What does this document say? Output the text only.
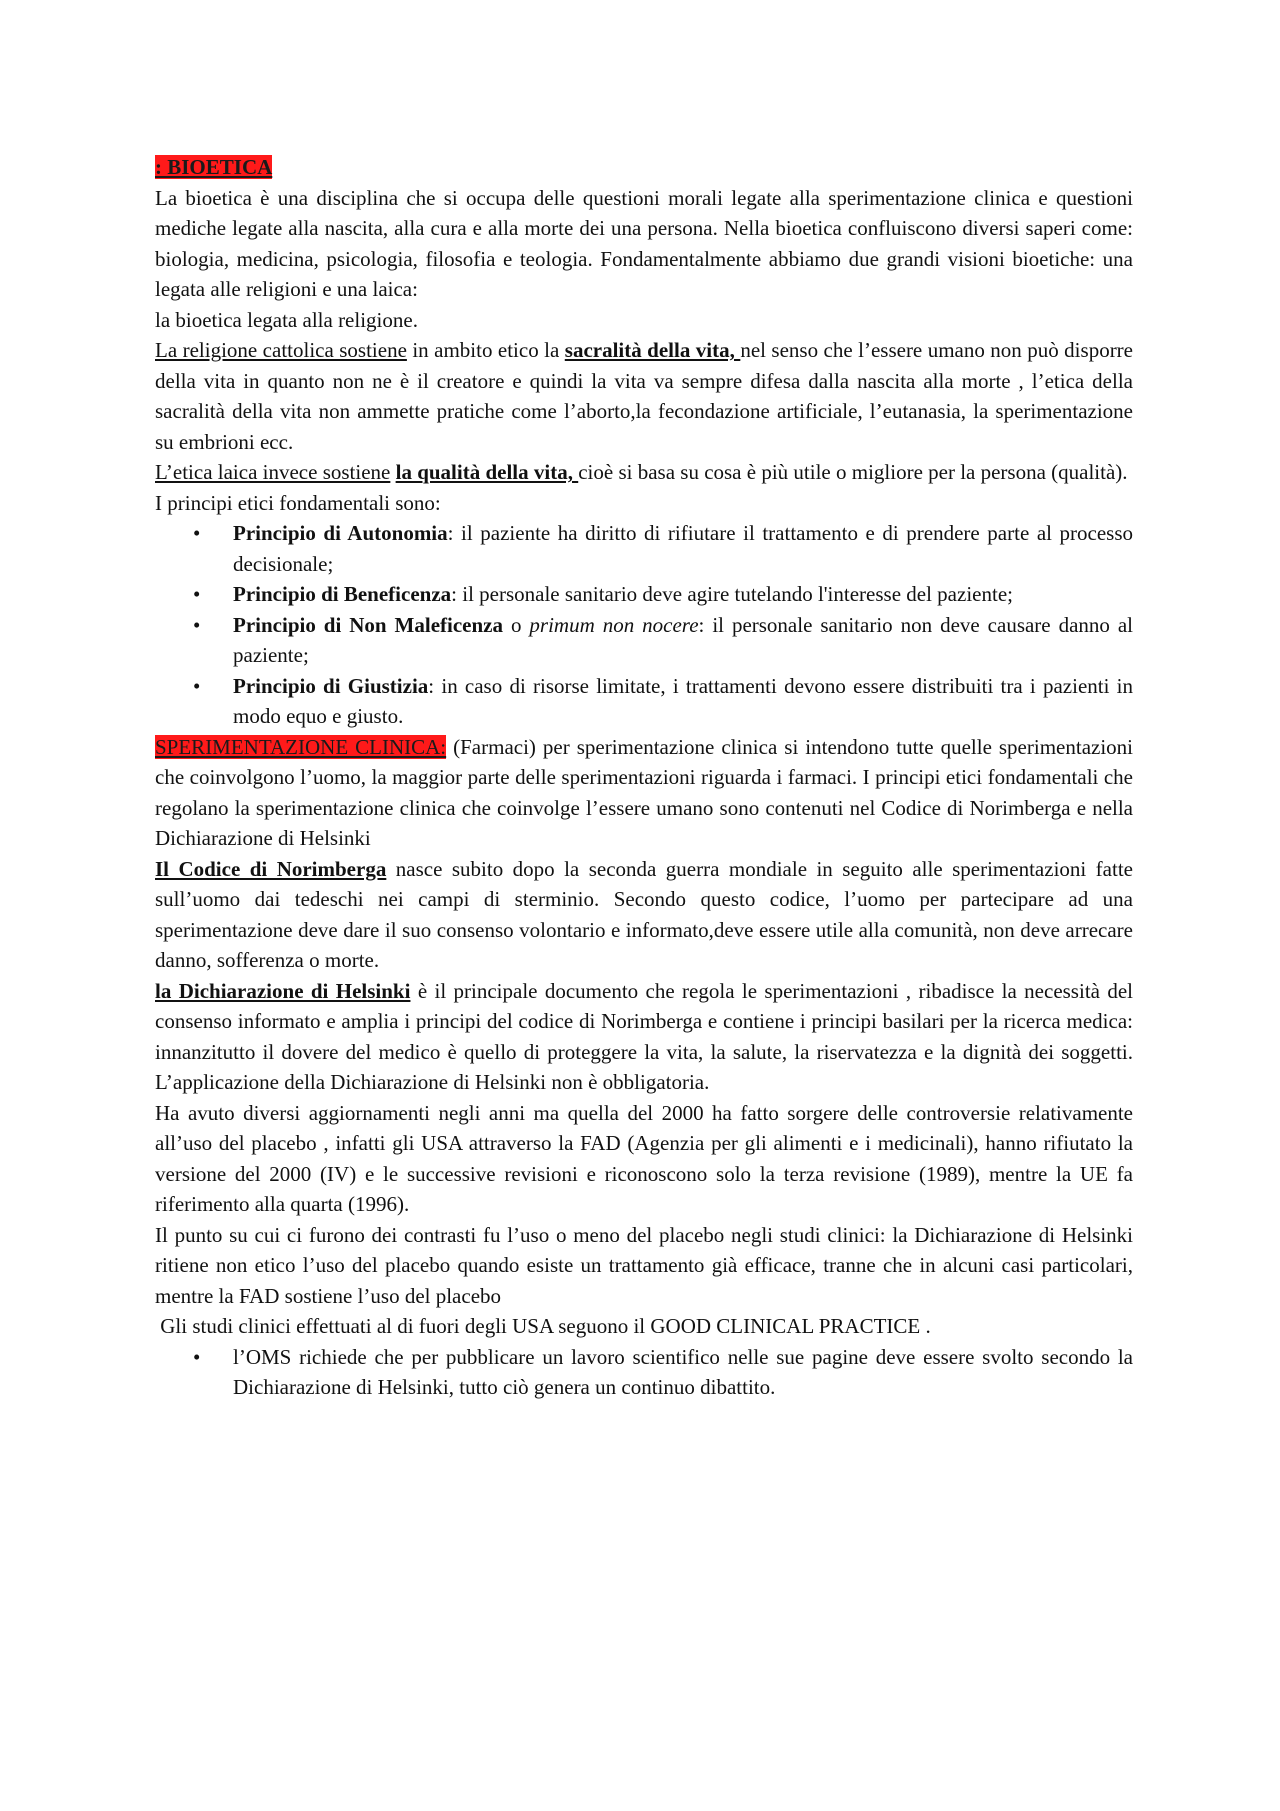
: BIOETICA

La bioetica è una disciplina che si occupa delle questioni morali legate alla sperimentazione clinica e questioni mediche legate alla nascita, alla cura e alla morte dei una persona. Nella bioetica confluiscono diversi saperi come: biologia, medicina, psicologia, filosofia e teologia. Fondamentalmente abbiamo due grandi visioni bioetiche: una legata alle religioni e una laica:

la bioetica legata alla religione.

La religione cattolica sostiene in ambito etico la sacralità della vita, nel senso che l’essere umano non può disporre della vita in quanto non ne è il creatore e quindi la vita va sempre difesa dalla nascita alla morte , l’etica della sacralità della vita non ammette pratiche come l’aborto,la fecondazione artificiale, l’eutanasia, la sperimentazione su embrioni ecc.

L’etica laica invece sostiene la qualità della vita, cioè si basa su cosa è più utile o migliore per la persona (qualità).

I principi etici fondamentali sono:

• Principio di Autonomia: il paziente ha diritto di rifiutare il trattamento e di prendere parte al processo decisionale;
• Principio di Beneficenza: il personale sanitario deve agire tutelando l'interesse del paziente;
• Principio di Non Maleficenza o primum non nocere: il personale sanitario non deve causare danno al paziente;
• Principio di Giustizia: in caso di risorse limitate, i trattamenti devono essere distribuiti tra i pazienti in modo equo e giusto.

SPERIMENTAZIONE CLINICA: (Farmaci) per sperimentazione clinica si intendono tutte quelle sperimentazioni che coinvolgono l’uomo, la maggior parte delle sperimentazioni riguarda i farmaci. I principi etici fondamentali che regolano la sperimentazione clinica che coinvolge l’essere umano sono contenuti nel Codice di Norimberga e nella Dichiarazione di Helsinki

Il Codice di Norimberga nasce subito dopo la seconda guerra mondiale in seguito alle sperimentazioni fatte sull’uomo dai tedeschi nei campi di sterminio. Secondo questo codice, l’uomo per partecipare ad una sperimentazione deve dare il suo consenso volontario e informato,deve essere utile alla comunità, non deve arrecare danno, sofferenza o morte.

la Dichiarazione di Helsinki è il principale documento che regola le sperimentazioni , ribadisce la necessità del consenso informato e amplia i principi del codice di Norimberga e contiene i principi basilari per la ricerca medica: innanzitutto il dovere del medico è quello di proteggere la vita, la salute, la riservatezza e la dignità dei soggetti. L’applicazione della Dichiarazione di Helsinki non è obbligatoria.

Ha avuto diversi aggiornamenti negli anni ma quella del 2000 ha fatto sorgere delle controversie relativamente all’uso del placebo , infatti gli USA attraverso la FAD (Agenzia per gli alimenti e i medicinali), hanno rifiutato la versione del 2000 (IV) e le successive revisioni e riconoscono solo la terza revisione (1989), mentre la UE fa riferimento alla quarta (1996).

Il punto su cui ci furono dei contrasti fu l’uso o meno del placebo negli studi clinici: la Dichiarazione di Helsinki ritiene non etico l’uso del placebo quando esiste un trattamento già efficace, tranne che in alcuni casi particolari, mentre la FAD sostiene l’uso del placebo

Gli studi clinici effettuati al di fuori degli USA seguono il GOOD CLINICAL PRACTICE .

• l’OMS richiede che per pubblicare un lavoro scientifico nelle sue pagine deve essere svolto secondo la Dichiarazione di Helsinki, tutto ciò genera un continuo dibattito.
